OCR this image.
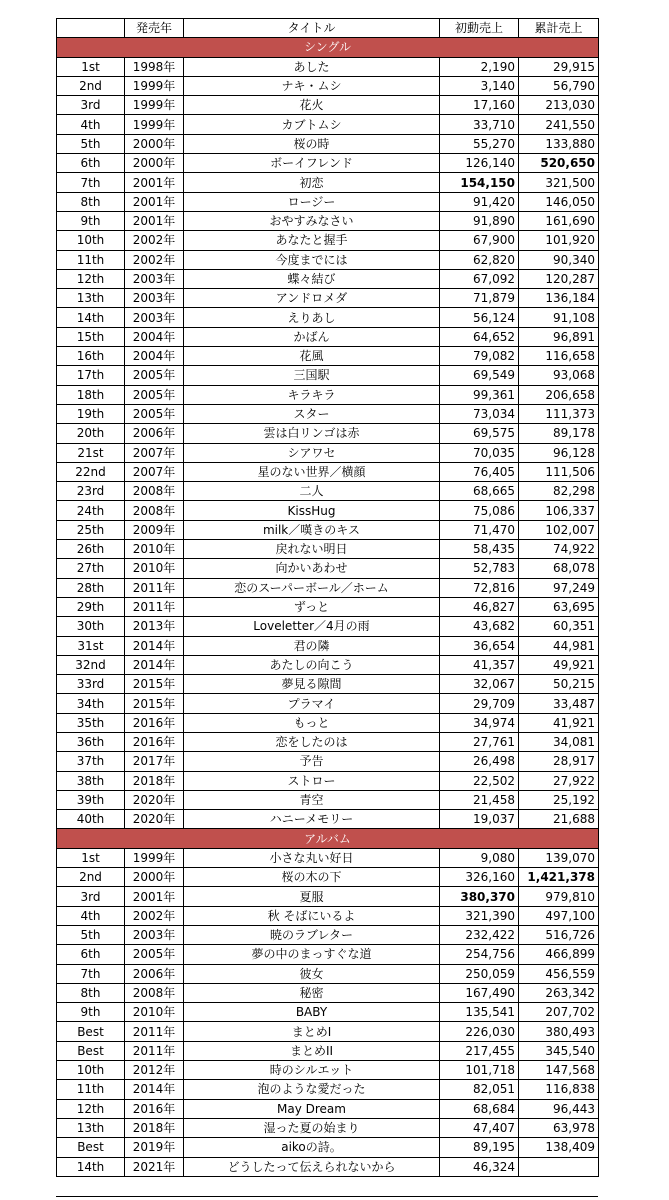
	発売年	タイトル	初動売上	累計売上
シングル				
1st	1998年	あした	2,190	29,915
2nd	1999年	ナキ・ムシ	3,140	56,790
3rd	1999年	花火	17,160	213,030
4th	1999年	カブトムシ	33,710	241,550
5th	2000年	桜の時	55,270	133,880
6th	2000年	ボーイフレンド	126,140	520,650
7th	2001年	初恋	154,150	321,500
8th	2001年	ロージー	91,420	146,050
9th	2001年	おやすみなさい	91,890	161,690
10th	2002年	あなたと握手	67,900	101,920
11th	2002年	今度までには	62,820	90,340
12th	2003年	蝶々結び	67,092	120,287
13th	2003年	アンドロメダ	71,879	136,184
14th	2003年	えりあし	56,124	91,108
15th	2004年	かばん	64,652	96,891
16th	2004年	花風	79,082	116,658
17th	2005年	三国駅	69,549	93,068
18th	2005年	キラキラ	99,361	206,658
19th	2005年	スター	73,034	111,373
20th	2006年	雲は白リンゴは赤	69,575	89,178
21st	2007年	シアワセ	70,035	96,128
22nd	2007年	星のない世界／横顔	76,405	111,506
23rd	2008年	二人	68,665	82,298
24th	2008年	KissHug	75,086	106,337
25th	2009年	milk／嘆きのキス	71,470	102,007
26th	2010年	戻れない明日	58,435	74,922
27th	2010年	向かいあわせ	52,783	68,078
28th	2011年	恋のスーパーボール／ホーム	72,816	97,249
29th	2011年	ずっと	46,827	63,695
30th	2013年	Loveletter／4月の雨	43,682	60,351
31st	2014年	君の隣	36,654	44,981
32nd	2014年	あたしの向こう	41,357	49,921
33rd	2015年	夢見る隙間	32,067	50,215
34th	2015年	プラマイ	29,709	33,487
35th	2016年	もっと	34,974	41,921
36th	2016年	恋をしたのは	27,761	34,081
37th	2017年	予告	26,498	28,917
38th	2018年	ストロー	22,502	27,922
39th	2020年	青空	21,458	25,192
40th	2020年	ハニーメモリー	19,037	21,688
アルバム				
1st	1999年	小さな丸い好日	9,080	139,070
2nd	2000年	桜の木の下	326,160	1,421,378
3rd	2001年	夏服	380,370	979,810
4th	2002年	秋 そばにいるよ	321,390	497,100
5th	2003年	暁のラブレター	232,422	516,726
6th	2005年	夢の中のまっすぐな道	254,756	466,899
7th	2006年	彼女	250,059	456,559
8th	2008年	秘密	167,490	263,342
9th	2010年	BABY	135,541	207,702
Best	2011年	まとめI	226,030	380,493
Best	2011年	まとめII	217,455	345,540
10th	2012年	時のシルエット	101,718	147,568
11th	2014年	泡のような愛だった	82,051	116,838
12th	2016年	May Dream	68,684	96,443
13th	2018年	湿った夏の始まり	47,407	63,978
Best	2019年	aikoの詩。	89,195	138,409
14th	2021年	どうしたって伝えられないから	46,324	
